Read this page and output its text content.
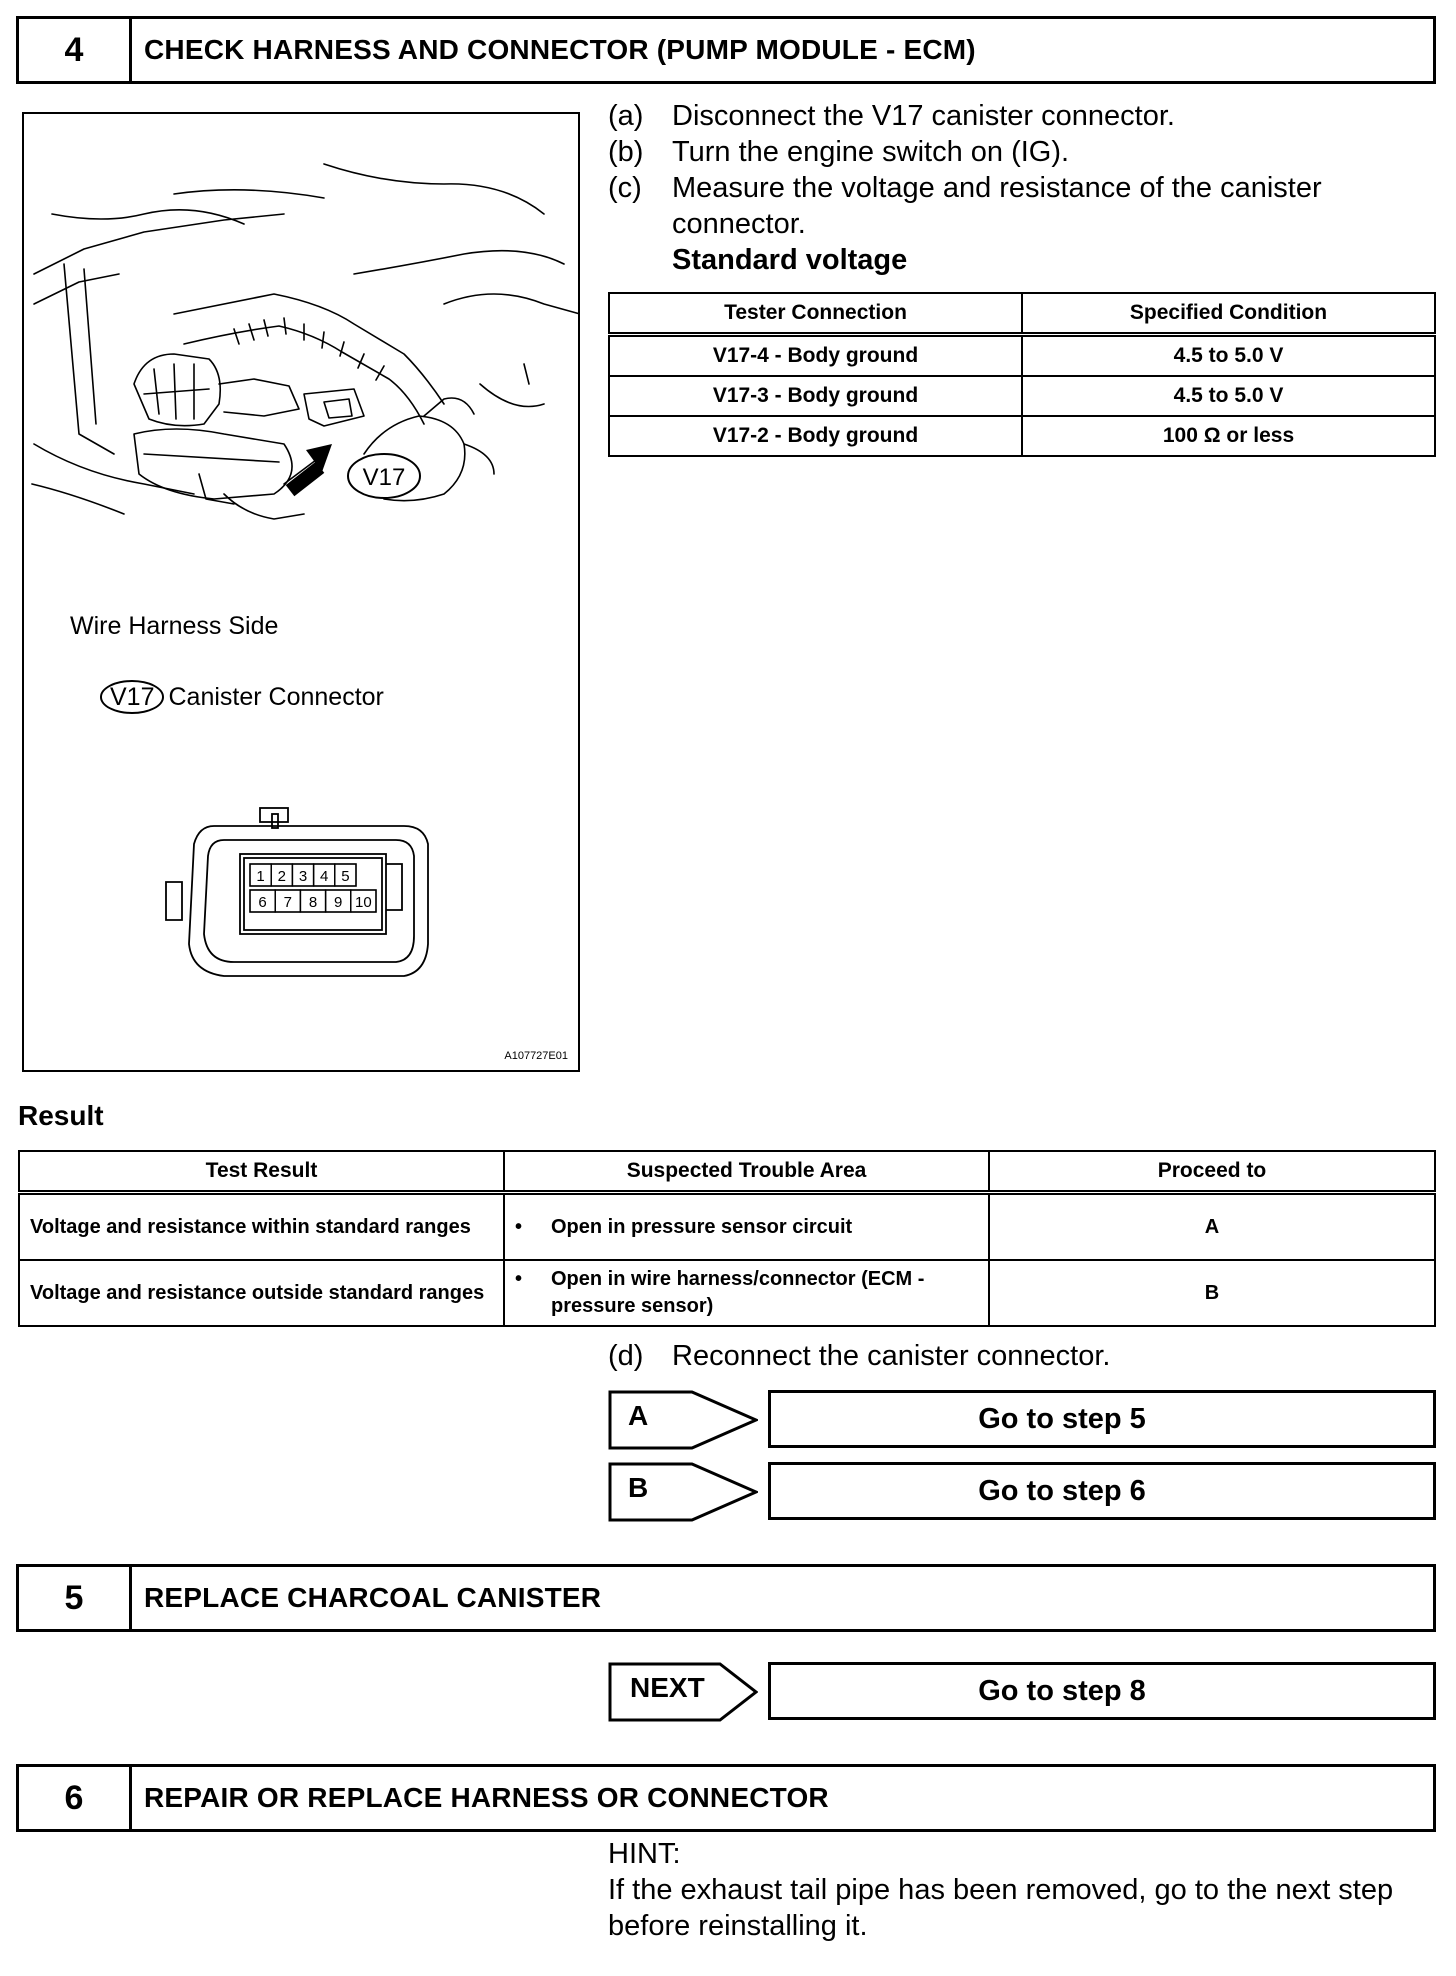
4	CHECK HARNESS AND CONNECTOR (PUMP MODULE - ECM)
V17
Wire Harness Side
V17 Canister Connector
1 2 3 4 5
6 7 8 9 10
A107727E01
(a) Disconnect the V17 canister connector.
(b) Turn the engine switch on (IG).
(c)	Measure the voltage and resistance of the canister connector.
Standard voltage
Tester Connection	Specified Condition
V17-4 - Body ground	4.5 to 5.0 V
V17-3 - Body ground	4.5 to 5.0 V
V17-2 - Body ground	100 Ω or less
Result
Test Result	Suspected Trouble Area	Proceed to
Voltage and resistance within standard ranges	• Open in pressure sensor circuit	A
Voltage and resistance outside standard ranges	• Open in wire harness/connector (ECM - pressure sensor)	B
(d) Reconnect the canister connector.
A	Go to step 5
B	Go to step 6
5	REPLACE CHARCOAL CANISTER
NEXT	Go to step 8
6	REPAIR OR REPLACE HARNESS OR CONNECTOR
HINT:
If the exhaust tail pipe has been removed, go to the next step before reinstalling it.
